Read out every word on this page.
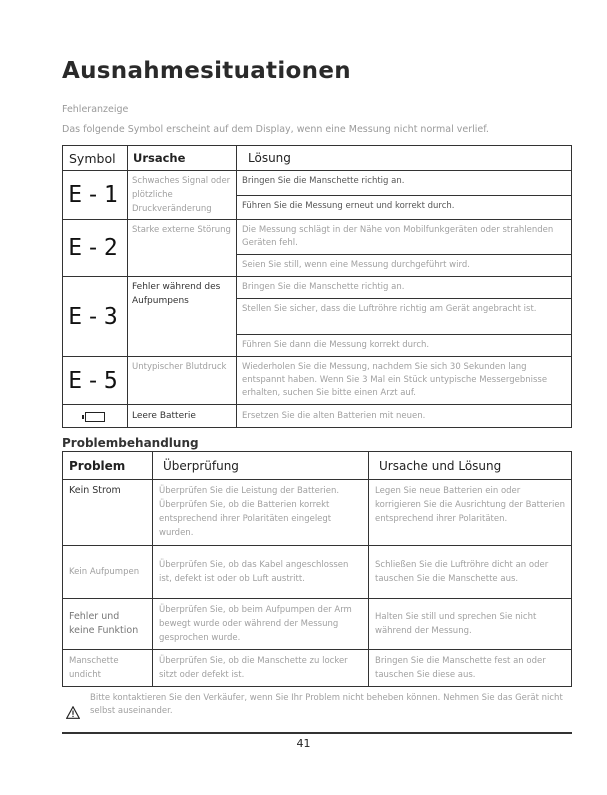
Ausnahmesituationen
Fehleranzeige
Das folgende Symbol erscheint auf dem Display, wenn eine Messung nicht normal verlief.
Symbol	Ursache	Lösung
E-1	Schwaches Signal oder plötzliche Druckveränderung	Bringen Sie die Manschette richtig an.
		Führen Sie die Messung erneut und korrekt durch.
E-2	Starke externe Störung	Die Messung schlägt in der Nähe von Mobilfunkgeräten oder strahlenden Geräten fehl.
		Seien Sie still, wenn eine Messung durchgeführt wird.
E-3	Fehler während des Aufpumpens	Bringen Sie die Manschette richtig an.
		Stellen Sie sicher, dass die Luftröhre richtig am Gerät angebracht ist.
		Führen Sie dann die Messung korrekt durch.
E-5	Untypischer Blutdruck	Wiederholen Sie die Messung, nachdem Sie sich 30 Sekunden lang entspannt haben. Wenn Sie 3 Mal ein Stück untypische Messergebnisse erhalten, suchen Sie bitte einen Arzt auf.
	Leere Batterie	Ersetzen Sie die alten Batterien mit neuen.
Problembehandlung
Problem	Überprüfung	Ursache und Lösung
Kein Strom	Überprüfen Sie die Leistung der Batterien. Überprüfen Sie, ob die Batterien korrekt entsprechend ihrer Polaritäten eingelegt wurden.	Legen Sie neue Batterien ein oder korrigieren Sie die Ausrichtung der Batterien entsprechend ihrer Polaritäten.
Kein Aufpumpen	Überprüfen Sie, ob das Kabel angeschlossen ist, defekt ist oder ob Luft austritt.	Schließen Sie die Luftröhre dicht an oder tauschen Sie die Manschette aus.
Fehler und keine Funktion	Überprüfen Sie, ob beim Aufpumpen der Arm bewegt wurde oder während der Messung gesprochen wurde.	Halten Sie still und sprechen Sie nicht während der Messung.
Manschette undicht	Überprüfen Sie, ob die Manschette zu locker sitzt oder defekt ist.	Bringen Sie die Manschette fest an oder tauschen Sie diese aus.
Bitte kontaktieren Sie den Verkäufer, wenn Sie Ihr Problem nicht beheben können. Nehmen Sie das Gerät nicht selbst auseinander.
41
